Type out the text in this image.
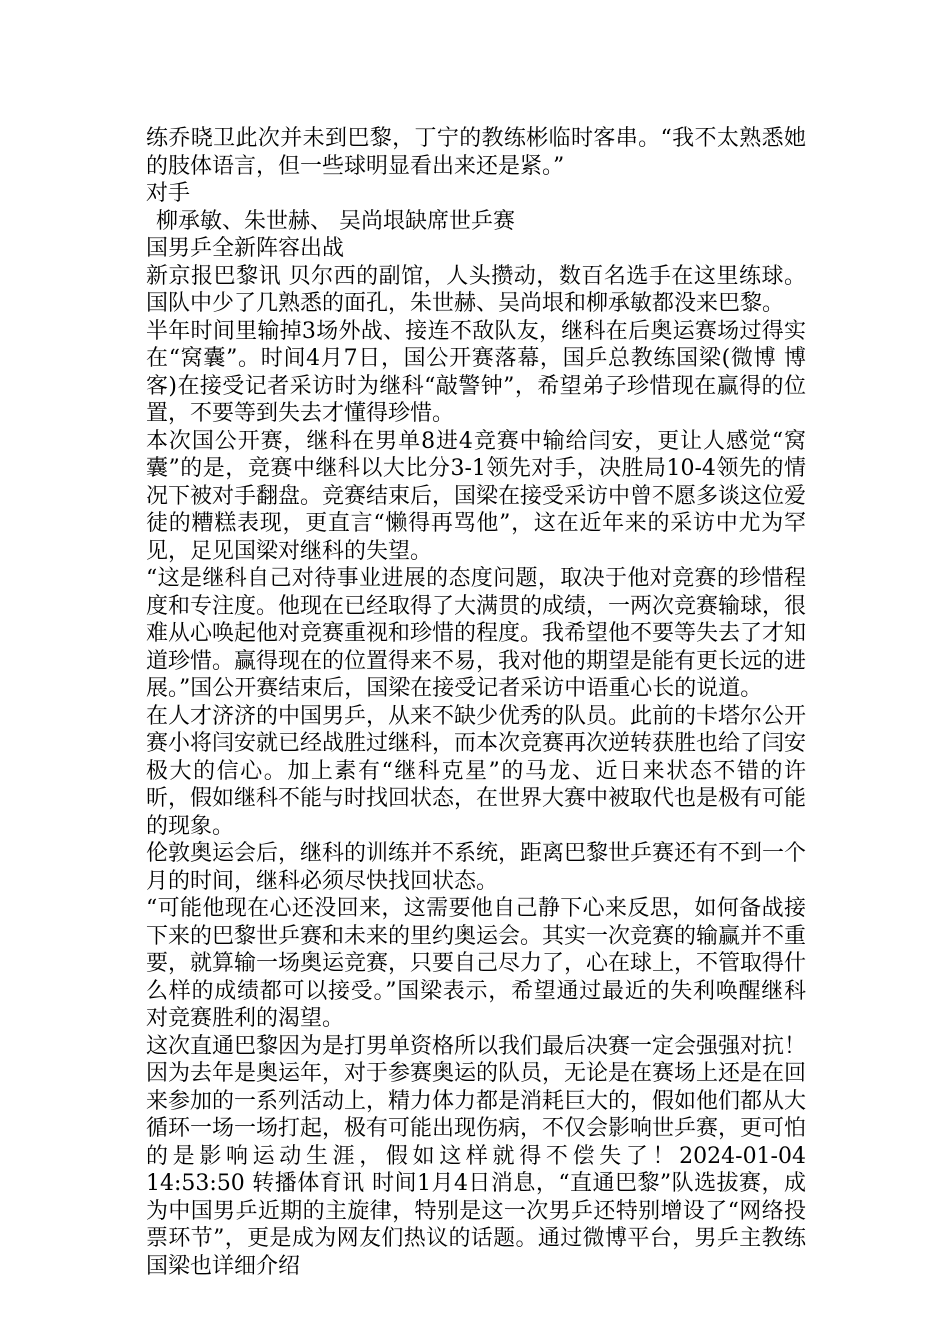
练乔晓卫此次并未到巴黎，丁宁的教练彬临时客串。“我不太熟悉她的肢体语言，但一些球明显看出来还是紧。”

对手

柳承敏、朱世赫、 吴尚垠缺席世乒赛

国男乒全新阵容出战

新京报巴黎讯 贝尔西的副馆，人头攒动，数百名选手在这里练球。国队中少了几熟悉的面孔，朱世赫、吴尚垠和柳承敏都没来巴黎。

半年时间里输掉3场外战、接连不敌队友，继科在后奥运赛场过得实在“窝囊”。时间4月7日，国公开赛落幕，国乒总教练国梁(微博 博客)在接受记者采访时为继科“敲警钟”，希望弟子珍惜现在赢得的位置，不要等到失去才懂得珍惜。

本次国公开赛，继科在男单8进4竞赛中输给闫安，更让人感觉“窝囊”的是，竞赛中继科以大比分3-1领先对手，决胜局10-4领先的情况下被对手翻盘。竞赛结束后，国梁在接受采访中曾不愿多谈这位爱徒的糟糕表现，更直言“懒得再骂他”，这在近年来的采访中尤为罕见，足见国梁对继科的失望。

“这是继科自己对待事业进展的态度问题，取决于他对竞赛的珍惜程度和专注度。他现在已经取得了大满贯的成绩，一两次竞赛输球，很难从心唤起他对竞赛重视和珍惜的程度。我希望他不要等失去了才知道珍惜。赢得现在的位置得来不易，我对他的期望是能有更长远的进展。”国公开赛结束后，国梁在接受记者采访中语重心长的说道。

在人才济济的中国男乒，从来不缺少优秀的队员。此前的卡塔尔公开赛小将闫安就已经战胜过继科，而本次竞赛再次逆转获胜也给了闫安极大的信心。加上素有“继科克星”的马龙、近日来状态不错的许昕，假如继科不能与时找回状态，在世界大赛中被取代也是极有可能的现象。

伦敦奥运会后，继科的训练并不系统，距离巴黎世乒赛还有不到一个月的时间，继科必须尽快找回状态。

“可能他现在心还没回来，这需要他自己静下心来反思，如何备战接下来的巴黎世乒赛和未来的里约奥运会。其实一次竞赛的输赢并不重要，就算输一场奥运竞赛，只要自己尽力了，心在球上，不管取得什么样的成绩都可以接受。”国梁表示，希望通过最近的失利唤醒继科对竞赛胜利的渴望。

这次直通巴黎因为是打男单资格所以我们最后决赛一定会强强对抗！因为去年是奥运年，对于参赛奥运的队员，无论是在赛场上还是在回来参加的一系列活动上，精力体力都是消耗巨大的，假如他们都从大循环一场一场打起，极有可能出现伤病，不仅会影响世乒赛，更可怕的是影响运动生涯，假如这样就得不偿失了！2024-01-04 14:53:50 转播体育讯 时间1月4日消息，“直通巴黎”队选拔赛，成为中国男乒近期的主旋律，特别是这一次男乒还特别增设了“网络投票环节”，更是成为网友们热议的话题。通过微博平台，男乒主教练国梁也详细介绍
